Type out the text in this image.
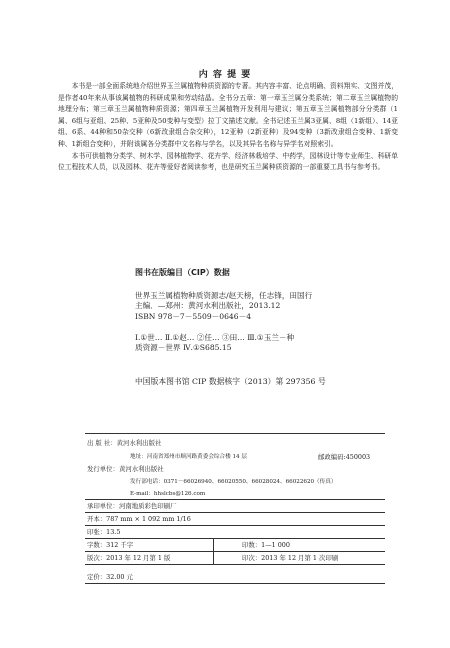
内 容 提 要

本书是一部全面系统地介绍世界玉兰属植物种质资源的专著。其内容丰富、论点明确、资料翔实、文图并茂，是作者40年来从事该属植物的科研成果和劳动结晶。全书分五章：第一章玉兰属分类系统；第二章玉兰属植物的地理分布；第三章玉兰属植物种质资源；第四章玉兰属植物开发利用与建议；第五章玉兰属植物部分分类群（1属、6组与亚组、25种、5亚种及50变种与变型）拉丁文描述文献。全书记述玉兰属3亚属、8组（1新组）、14亚组、6系、44种和50杂交种（6新改隶组合杂交种），12亚种（2新亚种）及94变种（3新改隶组合变种、1新变种、1新组合变种），并附该属各分类群中文名称与学名，以及其异名名称与异学名对照索引。

本书可供植物分类学、树木学、园林植物学、花卉学、经济林栽培学、中药学，园林设计等专业师生、科研单位工程技术人员，以及园林、花卉等爱好者阅读参考，也是研究玉兰属种质资源的一部重要工具书与参考书。

图书在版编目（CIP）数据
世界玉兰属植物种质资源志/赵天榜，任志锋，田国行
主编．—郑州：黄河水利出版社，2013.12
ISBN 978－7－5509－0646－4
Ⅰ.①世… Ⅱ.①赵… ②任… ③田… Ⅲ.①玉兰－种
质资源－世界 Ⅳ.①S685.15
中国版本图书馆 CIP 数据核字（2013）第 297356 号
出 版 社：黄河水利出版社
地址：河南省郑州市顺河路黄委会综合楼 14 层	邮政编码:450003
发行单位：黄河水利出版社
发行部电话：0371－66026940、66020550、66028024、66022620（传真）
E-mail：hhslcbs@126.com
承印单位：河南地质彩色印刷厂
开本：787 mm × 1 092 mm 1/16
印张：13.5
字数：312 千字	印数：1—1 000
版次：2013 年 12 月第 1 版	印次：2013 年 12 月第 1 次印刷
定价：32.00 元
